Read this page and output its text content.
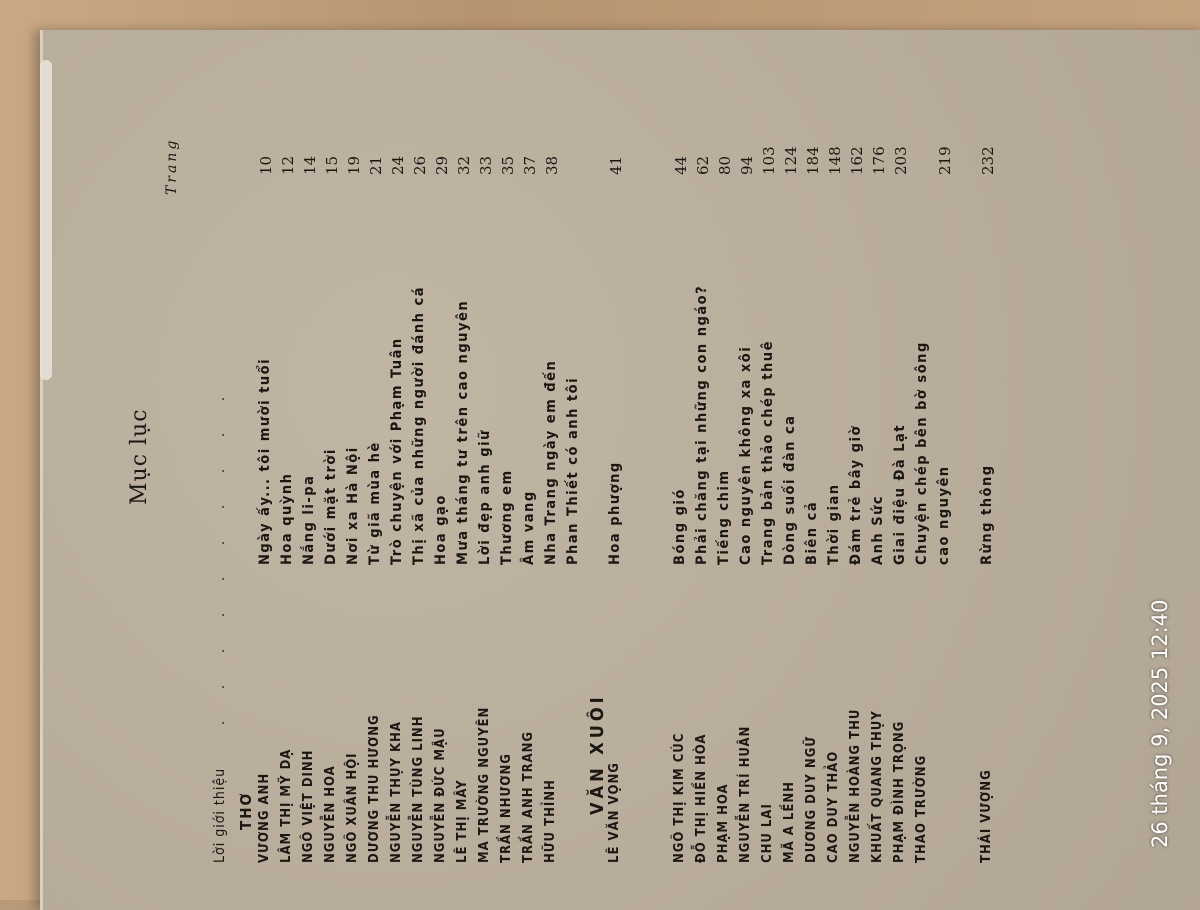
Mục lục
Trang
Lời giới thiệu
. . . . . . . . . .
THƠ	VĂN XUÔI
VƯƠNG ANH
Ngày ấy... tôi mười tuổi
10
LÂM THỊ MỸ DẠ
Hoa quỳnh
12
NGÔ VIỆT DINH
Nắng li-pa
14
NGUYỄN HOA
Dưới mặt trời
15
NGÔ XUÂN HỘI
Nơi xa Hà Nội
19
DƯƠNG THU HƯƠNG
Từ giã mùa hè
21
NGUYỄN THỤY KHA
Trò chuyện với Phạm Tuân
24
NGUYỄN TÙNG LINH
Thị xã của những người đánh cá
26
NGUYỄN ĐỨC MẬU
Hoa gạo
29
LÊ THỊ MÂY
Mưa tháng tư trên cao nguyên
32
MA TRƯỜNG NGUYÊN
Lời đẹp anh giữ
33
TRẦN NHƯƠNG
Thương em
35
TRẦN ANH TRANG
Âm vang
37
HỮU THỈNH
Nha Trang ngày em đến
38
Phan Thiết có anh tôi
LÊ VĂN VỌNG
Hoa phượng
41
NGÔ THỊ KIM CÚC
Bóng gió
44
ĐỖ THỊ HIỀN HÒA
Phải chăng tại những con ngáo?
62
PHẠM HOA
Tiếng chim
80
NGUYỄN TRÍ HUÂN
Cao nguyên không xa xôi
94
CHU LAI
Trang bản thảo chép thuê
103
MÃ A LỀNH
Dòng suối đàn ca
124
DƯƠNG DUY NGỮ
Biên cả
184
CAO DUY THẢO
Thời gian
148
NGUYỄN HOÀNG THU
Đám trẻ bây giờ
162
KHUẤT QUANG THỤY
Anh Sức
176
PHẠM ĐÌNH TRỌNG
Giai điệu Đà Lạt
203
THAO TRƯỜNG
Chuyện chép bên bờ sông cao nguyên
219
THÁI VƯỢNG
Rừng thông
232
26 tháng 9, 2025 12:40
